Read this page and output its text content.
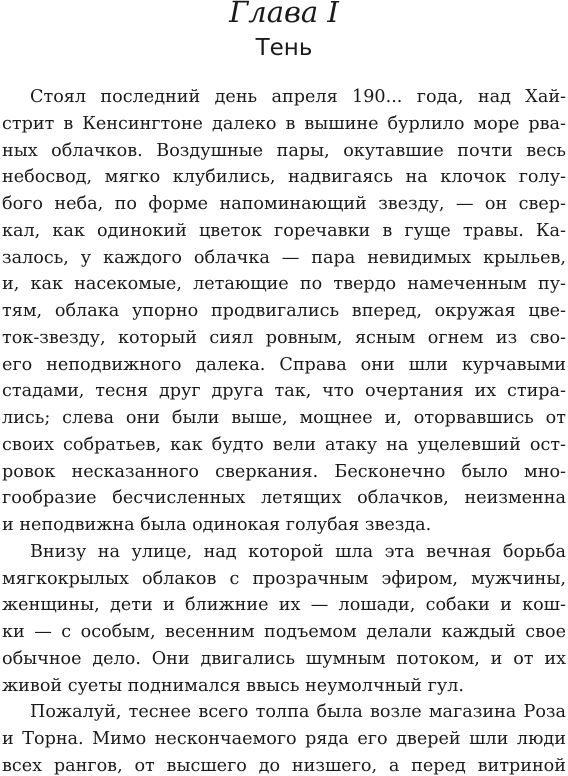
Глава I
Тень
Стоял последний день апреля 190... года, над Хай-
стрит в Кенсингтоне далеко в вышине бурлило море рва-
ных облачков. Воздушные пары, окутавшие почти весь
небосвод, мягко клубились, надвигаясь на клочок голу-
бого неба, по форме напоминающий звезду, — он свер-
кал, как одинокий цветок горечавки в гуще травы. Ка-
залось, у каждого облачка — пара невидимых крыльев,
и, как насекомые, летающие по твердо намеченным пу-
тям, облака упорно продвигались вперед, окружая цве-
ток-звезду, который сиял ровным, ясным огнем из сво-
его неподвижного далека. Справа они шли курчавыми
стадами, тесня друг друга так, что очертания их стира-
лись; слева они были выше, мощнее и, оторвавшись от
своих собратьев, как будто вели атаку на уцелевший ост-
ровок несказанного сверкания. Бесконечно было мно-
гообразие бесчисленных летящих облачков, неизменна
и неподвижна была одинокая голубая звезда.
Внизу на улице, над которой шла эта вечная борьба
мягкокрылых облаков с прозрачным эфиром, мужчины,
женщины, дети и ближние их — лошади, собаки и кош-
ки — с особым, весенним подъемом делали каждый свое
обычное дело. Они двигались шумным потоком, и от их
живой суеты поднимался ввысь неумолчный гул.
Пожалуй, теснее всего толпа была возле магазина Роза
и Торна. Мимо нескончаемого ряда его дверей шли люди
всех рангов, от высшего до низшего, а перед витриной
